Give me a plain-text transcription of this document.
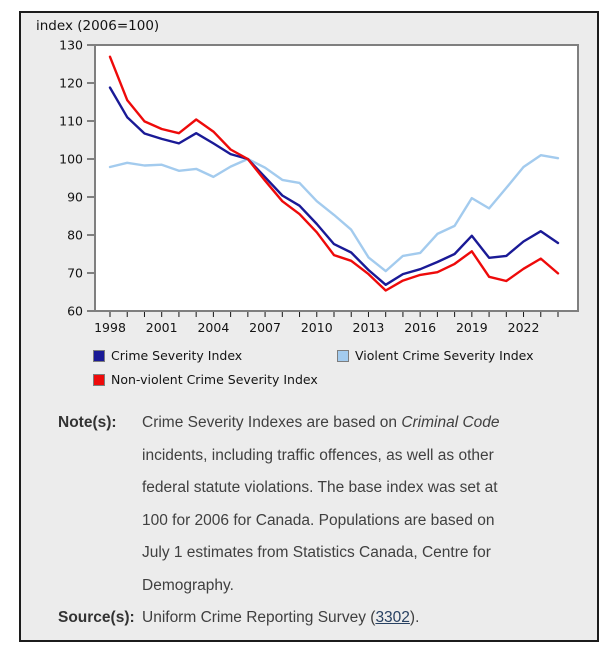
index (2006=100)
60
70
80
90
100
110
120
130
1998 2001 2004 2007 2010 2013 2016 2019 2022
Crime Severity Index	Violent Crime Severity Index
Non-violent Crime Severity Index
Note(s):	Crime Severity Indexes are based on Criminal Code
incidents, including traffic offences, as well as other
federal statute violations. The base index was set at
100 for 2006 for Canada. Populations are based on
July 1 estimates from Statistics Canada, Centre for
Demography.
Source(s): Uniform Crime Reporting Survey (3302).
